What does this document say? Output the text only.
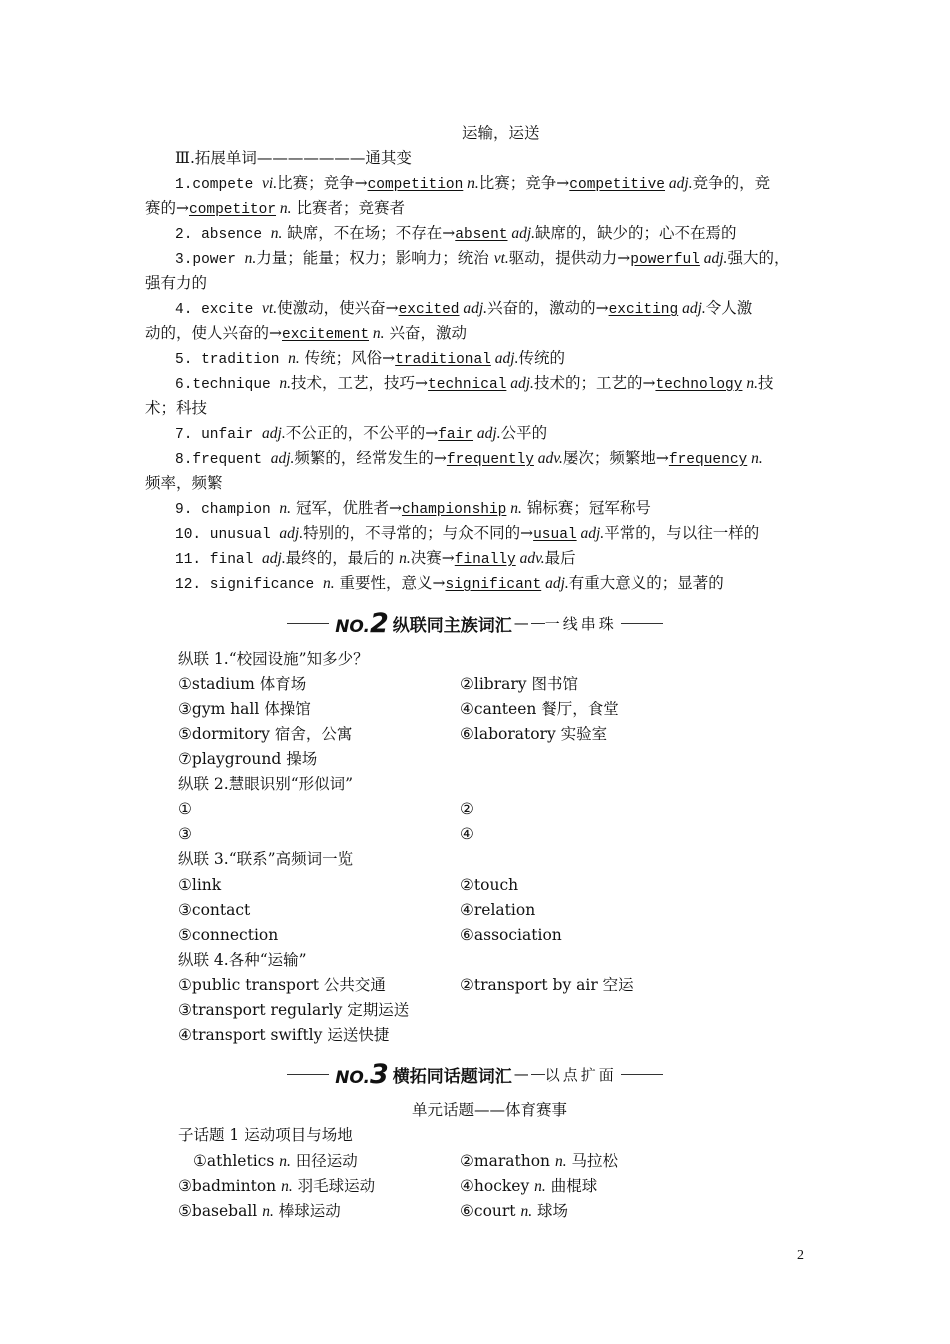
运输，运送
Ⅲ.拓展单词———————通其变
1.compete vi.比赛；竞争→competition n.比赛；竞争→competitive adj.竞争的，竞
赛的→competitor n. 比赛者；竞赛者
2. absence n. 缺席，不在场；不存在→absent adj.缺席的，缺少的；心不在焉的
3.power n.力量；能量；权力；影响力；统治 vt.驱动，提供动力→powerful adj.强大的，
强有力的
4. excite vt.使激动，使兴奋→excited adj.兴奋的，激动的→exciting adj.令人激
动的，使人兴奋的→excitement n. 兴奋，激动
5. tradition n. 传统；风俗→traditional adj.传统的
6.technique n.技术，工艺，技巧→technical adj.技术的；工艺的→technology n.技
术；科技
7. unfair adj.不公正的，不公平的→fair adj.公平的
8.frequent adj.频繁的，经常发生的→frequently adv.屡次；频繁地→frequency n.
频率，频繁
9. champion n. 冠军，优胜者→championship n. 锦标赛；冠军称号
10. unusual adj.特别的，不寻常的；与众不同的→usual adj.平常的，与以往一样的
11. final adj.最终的，最后的 n.决赛→finally adv.最后
12. significance n. 重要性，意义→significant adj.有重大意义的；显著的
NO.2 纵联同主族词汇 — 一线串珠
纵联 1.“校园设施”知多少？
①stadium 体育场	②library 图书馆
③gym hall 体操馆	④canteen 餐厅，食堂
⑤dormitory 宿舍，公寓	⑥laboratory 实验室
⑦playground 操场
纵联 2.慧眼识别“形似词”
①	②
③	④
纵联 3.“联系”高频词一览
①link	②touch
③contact	④relation
⑤connection	⑥association
纵联 4.各种“运输”
①public transport 公共交通	②transport by air 空运
③transport regularly 定期运送
④transport swiftly 运送快捷
NO.3 横拓同话题词汇 — 以点扩面
单元话题——体育赛事
子话题 1 运动项目与场地
①athletics n. 田径运动	②marathon n. 马拉松
③badminton n. 羽毛球运动	④hockey n. 曲棍球
⑤baseball n. 棒球运动	⑥court n. 球场
2
